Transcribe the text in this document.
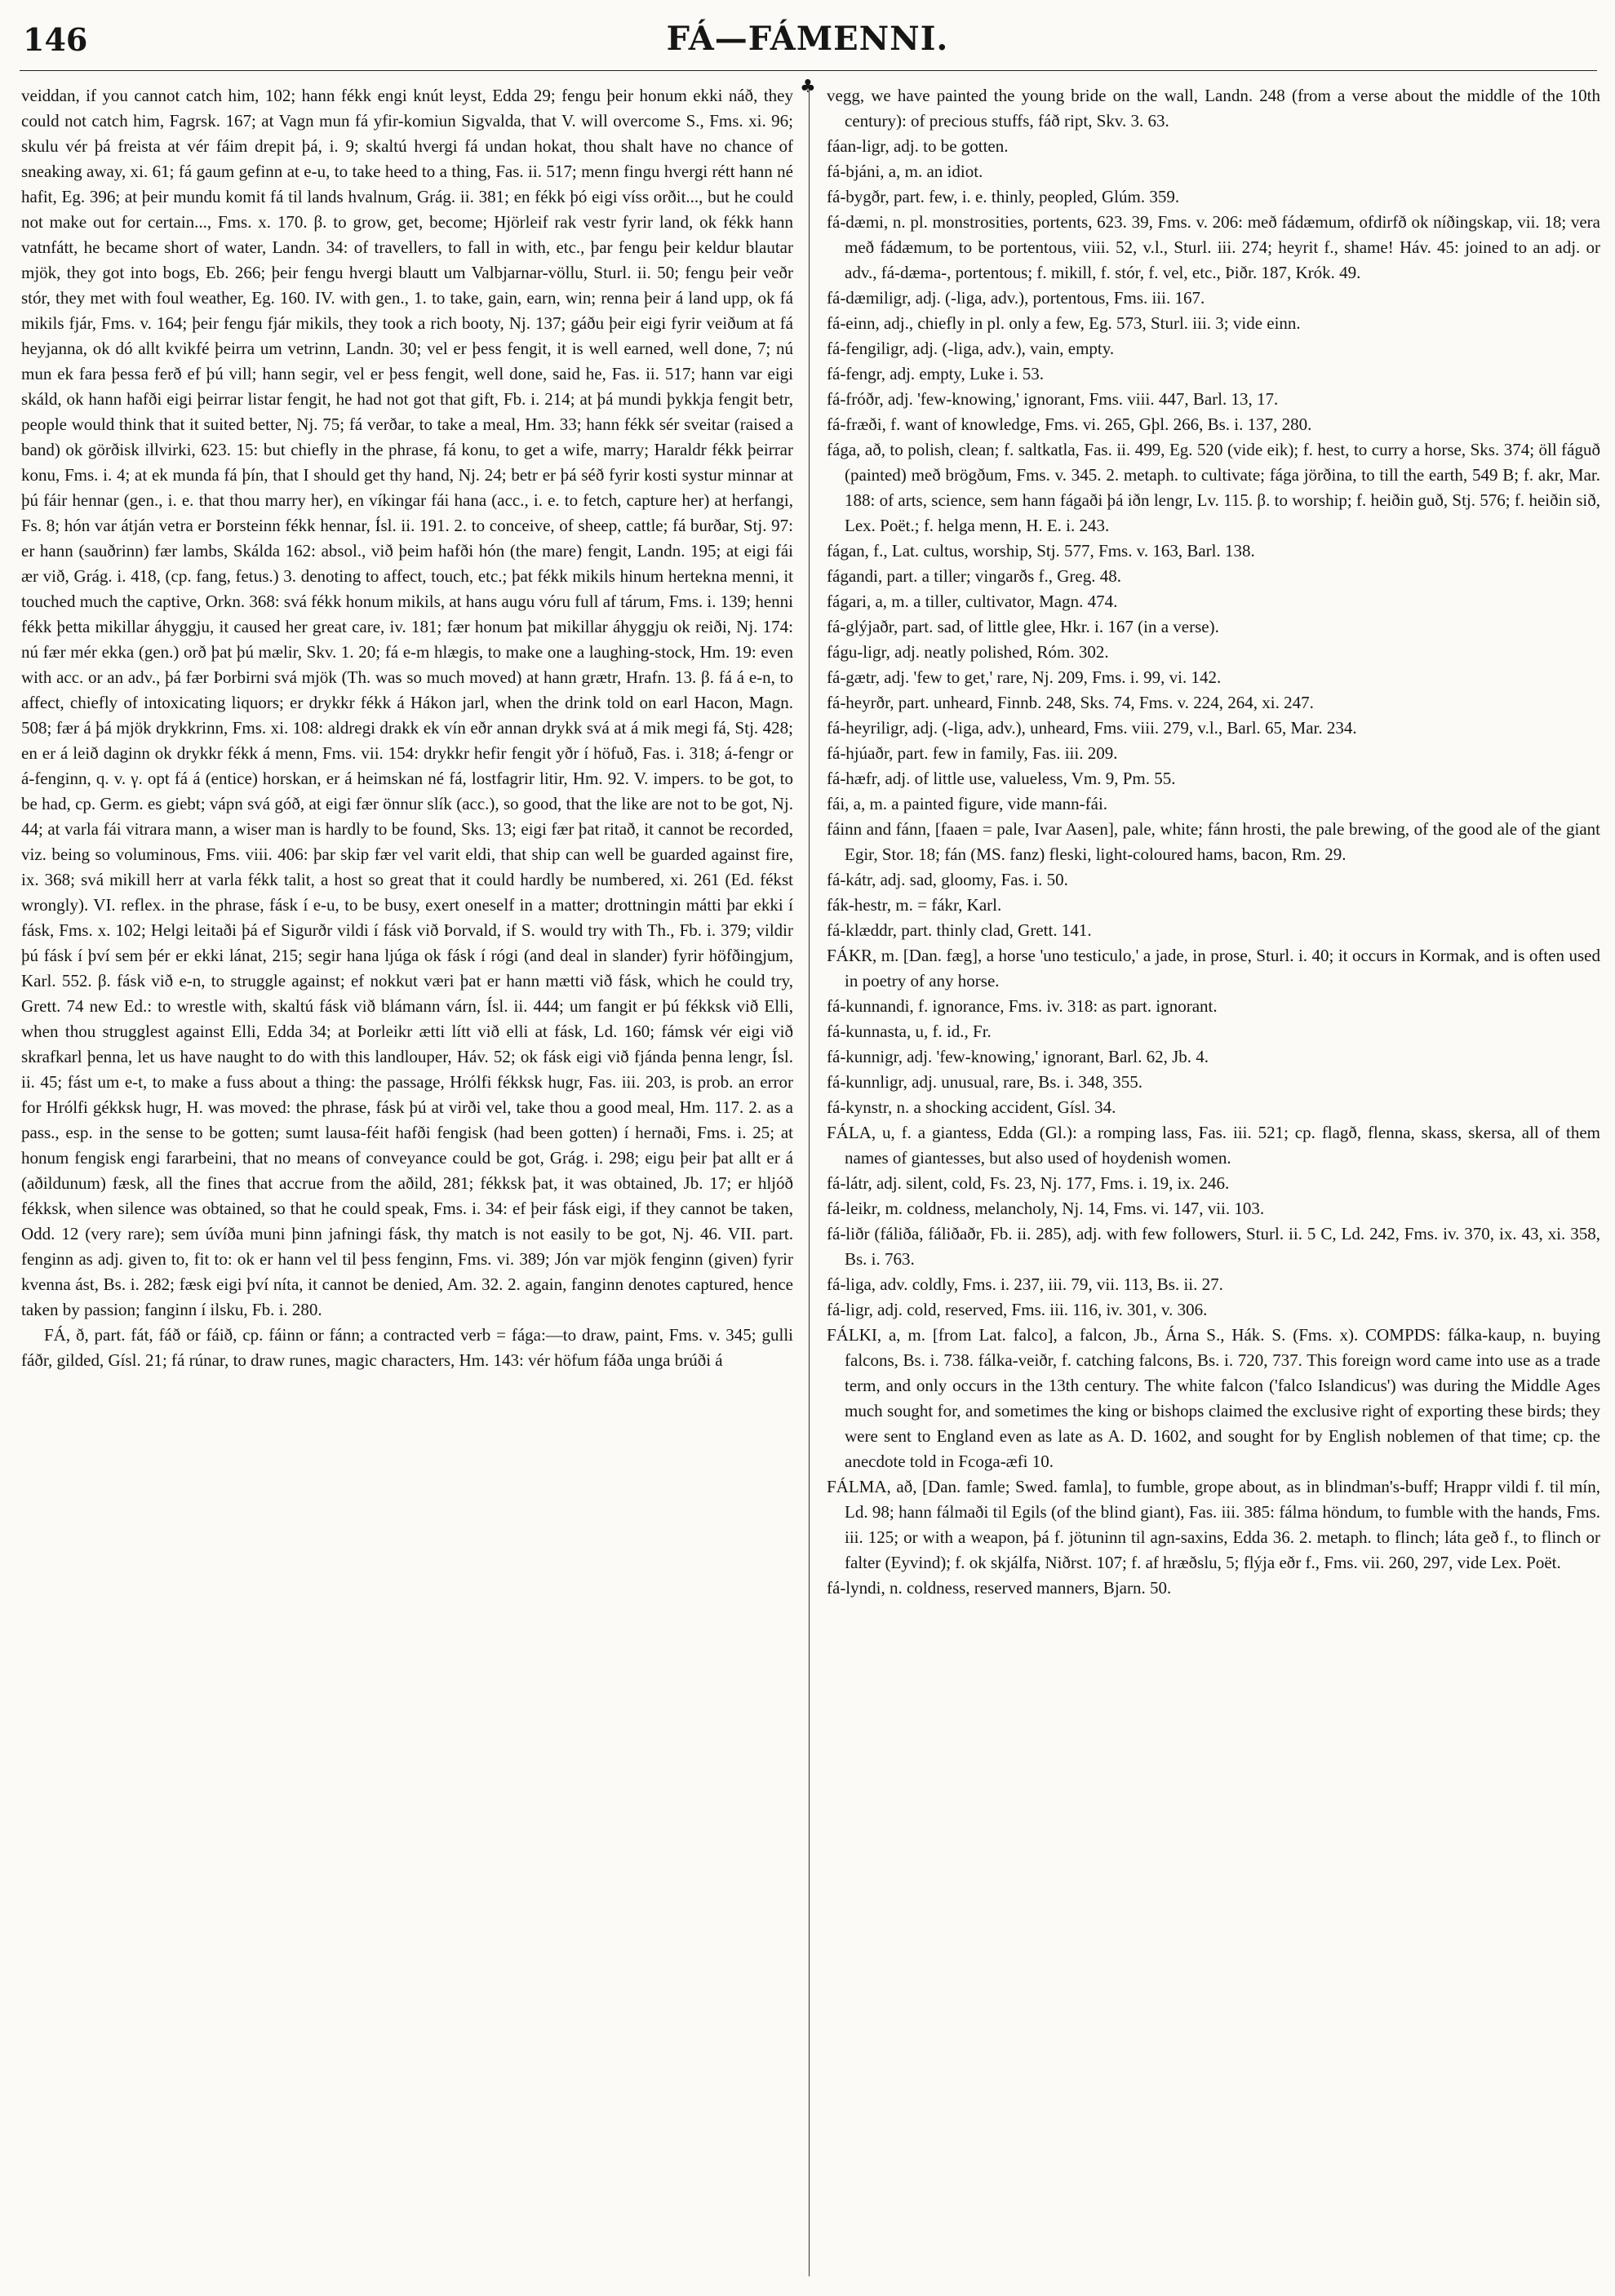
146	FÁ—FÁMENNI.
♣

veiddan, if you cannot catch him, 102; hann fékk engi knút leyst, Edda 29; fengu þeir honum ekki náð, they could not catch him, Fagrsk. 167; at Vagn mun fá yfir-komiun Sigvalda, that V. will overcome S., Fms. xi. 96; skulu vér þá freista at vér fáim drepit þá, i. 9; skaltú hvergi fá undan hokat, thou shalt have no chance of sneaking away, xi. 61; fá gaum gefinn at e-u, to take heed to a thing, Fas. ii. 517; menn fingu hvergi rétt hann né hafit, Eg. 396; at þeir mundu komit fá til lands hvalnum, Grág. ii. 381; en fékk þó eigi víss orðit..., but he could not make out for certain..., Fms. x. 170. β. to grow, get, become; Hjörleif rak vestr fyrir land, ok fékk hann vatnfátt, he became short of water, Landn. 34: of travellers, to fall in with, etc., þar fengu þeir keldur blautar mjök, they got into bogs, Eb. 266; þeir fengu hvergi blautt um Valbjarnar-völlu, Sturl. ii. 50; fengu þeir veðr stór, they met with foul weather, Eg. 160. IV. with gen., 1. to take, gain, earn, win; renna þeir á land upp, ok fá mikils fjár, Fms. v. 164; þeir fengu fjár mikils, they took a rich booty, Nj. 137; gáðu þeir eigi fyrir veiðum at fá heyjanna, ok dó allt kvikfé þeirra um vetrinn, Landn. 30; vel er þess fengit, it is well earned, well done, 7; nú mun ek fara þessa ferð ef þú vill; hann segir, vel er þess fengit, well done, said he, Fas. ii. 517; hann var eigi skáld, ok hann hafði eigi þeirrar listar fengit, he had not got that gift, Fb. i. 214; at þá mundi þykkja fengit betr, people would think that it suited better, Nj. 75; fá verðar, to take a meal, Hm. 33; hann fékk sér sveitar (raised a band) ok görðisk illvirki, 623. 15: but chiefly in the phrase, fá konu, to get a wife, marry; Haraldr fékk þeirrar konu, Fms. i. 4; at ek munda fá þín, that I should get thy hand, Nj. 24; betr er þá séð fyrir kosti systur minnar at þú fáir hennar (gen., i. e. that thou marry her), en víkingar fái hana (acc., i. e. to fetch, capture her) at herfangi, Fs. 8; hón var átján vetra er Þorsteinn fékk hennar, Ísl. ii. 191. 2. to conceive, of sheep, cattle; fá burðar, Stj. 97: er hann (sauðrinn) fær lambs, Skálda 162: absol., við þeim hafði hón (the mare) fengit, Landn. 195; at eigi fái ær við, Grág. i. 418, (cp. fang, fetus.) 3. denoting to affect, touch, etc.; þat fékk mikils hinum hertekna menni, it touched much the captive, Orkn. 368: svá fékk honum mikils, at hans augu vóru full af tárum, Fms. i. 139; henni fékk þetta mikillar áhyggju, it caused her great care, iv. 181; fær honum þat mikillar áhyggju ok reiði, Nj. 174: nú fær mér ekka (gen.) orð þat þú mælir, Skv. 1. 20; fá e-m hlægis, to make one a laughing-stock, Hm. 19: even with acc. or an adv., þá fær Þorbirni svá mjök (Th. was so much moved) at hann grætr, Hrafn. 13. β. fá á e-n, to affect, chiefly of intoxicating liquors; er drykkr fékk á Hákon jarl, when the drink told on earl Hacon, Magn. 508; fær á þá mjök drykkrinn, Fms. xi. 108: aldregi drakk ek vín eðr annan drykk svá at á mik megi fá, Stj. 428; en er á leið daginn ok drykkr fékk á menn, Fms. vii. 154: drykkr hefir fengit yðr í höfuð, Fas. i. 318; á-fengr or á-fenginn, q. v. γ. opt fá á (entice) horskan, er á heimskan né fá, lostfagrir litir, Hm. 92. V. impers. to be got, to be had, cp. Germ. es giebt; vápn svá góð, at eigi fær önnur slík (acc.), so good, that the like are not to be got, Nj. 44; at varla fái vitrara mann, a wiser man is hardly to be found, Sks. 13; eigi fær þat ritað, it cannot be recorded, viz. being so voluminous, Fms. viii. 406: þar skip fær vel varit eldi, that ship can well be guarded against fire, ix. 368; svá mikill herr at varla fékk talit, a host so great that it could hardly be numbered, xi. 261 (Ed. fékst wrongly). VI. reflex. in the phrase, fásk í e-u, to be busy, exert oneself in a matter; drottningin mátti þar ekki í fásk, Fms. x. 102; Helgi leitaði þá ef Sigurðr vildi í fásk við Þorvald, if S. would try with Th., Fb. i. 379; vildir þú fásk í því sem þér er ekki lánat, 215; segir hana ljúga ok fásk í rógi (and deal in slander) fyrir höfðingjum, Karl. 552. β. fásk við e-n, to struggle against; ef nokkut væri þat er hann mætti við fásk, which he could try, Grett. 74 new Ed.: to wrestle with, skaltú fásk við blámann várn, Ísl. ii. 444; um fangit er þú fékksk við Elli, when thou strugglest against Elli, Edda 34; at Þorleikr ætti lítt við elli at fásk, Ld. 160; fámsk vér eigi við skrafkarl þenna, let us have naught to do with this landlouper, Háv. 52; ok fásk eigi við fjánda þenna lengr, Ísl. ii. 45; fást um e-t, to make a fuss about a thing: the passage, Hrólfi fékksk hugr, Fas. iii. 203, is prob. an error for Hrólfi gékksk hugr, H. was moved: the phrase, fásk þú at virði vel, take thou a good meal, Hm. 117. 2. as a pass., esp. in the sense to be gotten; sumt lausa-féit hafði fengisk (had been gotten) í hernaði, Fms. i. 25; at honum fengisk engi fararbeini, that no means of conveyance could be got, Grág. i. 298; eigu þeir þat allt er á (aðildunum) fæsk, all the fines that accrue from the aðild, 281; fékksk þat, it was obtained, Jb. 17; er hljóð fékksk, when silence was obtained, so that he could speak, Fms. i. 34: ef þeir fásk eigi, if they cannot be taken, Odd. 12 (very rare); sem úvíða muni þinn jafningi fásk, thy match is not easily to be got, Nj. 46. VII. part. fenginn as adj. given to, fit to: ok er hann vel til þess fenginn, Fms. vi. 389; Jón var mjök fenginn (given) fyrir kvenna ást, Bs. i. 282; fæsk eigi því níta, it cannot be denied, Am. 32. 2. again, fanginn denotes captured, hence taken by passion; fanginn í ilsku, Fb. i. 280.

FÁ, ð, part. fát, fáð or fáið, cp. fáinn or fánn; a contracted verb = fága:—to draw, paint, Fms. v. 345; gulli fáðr, gilded, Gísl. 21; fá rúnar, to draw runes, magic characters, Hm. 143: vér höfum fáða unga brúði á

vegg, we have painted the young bride on the wall, Landn. 248 (from a verse about the middle of the 10th century): of precious stuffs, fáð ript, Skv. 3. 63.

fáan-ligr, adj. to be gotten.

fá-bjáni, a, m. an idiot.

fá-bygðr, part. few, i. e. thinly, peopled, Glúm. 359.

fá-dæmi, n. pl. monstrosities, portents, 623. 39, Fms. v. 206: með fádæmum, ofdirfð ok níðingskap, vii. 18; vera með fádæmum, to be portentous, viii. 52, v.l., Sturl. iii. 274; heyrit f., shame! Háv. 45: joined to an adj. or adv., fá-dæma-, portentous; f. mikill, f. stór, f. vel, etc., Þiðr. 187, Krók. 49.

fá-dæmiligr, adj. (-liga, adv.), portentous, Fms. iii. 167.

fá-einn, adj., chiefly in pl. only a few, Eg. 573, Sturl. iii. 3; vide einn.

fá-fengiligr, adj. (-liga, adv.), vain, empty.

fá-fengr, adj. empty, Luke i. 53.

fá-fróðr, adj. 'few-knowing,' ignorant, Fms. viii. 447, Barl. 13, 17.

fá-fræði, f. want of knowledge, Fms. vi. 265, Gþl. 266, Bs. i. 137, 280.

fága, að, to polish, clean; f. saltkatla, Fas. ii. 499, Eg. 520 (vide eik); f. hest, to curry a horse, Sks. 374; öll fáguð (painted) með brögðum, Fms. v. 345. 2. metaph. to cultivate; fága jörðina, to till the earth, 549 B; f. akr, Mar. 188: of arts, science, sem hann fágaði þá iðn lengr, Lv. 115. β. to worship; f. heiðin guð, Stj. 576; f. heiðin sið, Lex. Poët.; f. helga menn, H. E. i. 243.

fágan, f., Lat. cultus, worship, Stj. 577, Fms. v. 163, Barl. 138.

fágandi, part. a tiller; vingarðs f., Greg. 48.

fágari, a, m. a tiller, cultivator, Magn. 474.

fá-glýjaðr, part. sad, of little glee, Hkr. i. 167 (in a verse).

fágu-ligr, adj. neatly polished, Róm. 302.

fá-gætr, adj. 'few to get,' rare, Nj. 209, Fms. i. 99, vi. 142.

fá-heyrðr, part. unheard, Finnb. 248, Sks. 74, Fms. v. 224, 264, xi. 247.

fá-heyriligr, adj. (-liga, adv.), unheard, Fms. viii. 279, v.l., Barl. 65, Mar. 234.

fá-hjúaðr, part. few in family, Fas. iii. 209.

fá-hæfr, adj. of little use, valueless, Vm. 9, Pm. 55.

fái, a, m. a painted figure, vide mann-fái.

fáinn and fánn, [faaen = pale, Ivar Aasen], pale, white; fánn hrosti, the pale brewing, of the good ale of the giant Egir, Stor. 18; fán (MS. fanz) fleski, light-coloured hams, bacon, Rm. 29.

fá-kátr, adj. sad, gloomy, Fas. i. 50.

fák-hestr, m. = fákr, Karl.

fá-klæddr, part. thinly clad, Grett. 141.

FÁKR, m. [Dan. fæg], a horse 'uno testiculo,' a jade, in prose, Sturl. i. 40; it occurs in Kormak, and is often used in poetry of any horse.

fá-kunnandi, f. ignorance, Fms. iv. 318: as part. ignorant.

fá-kunnasta, u, f. id., Fr.

fá-kunnigr, adj. 'few-knowing,' ignorant, Barl. 62, Jb. 4.

fá-kunnligr, adj. unusual, rare, Bs. i. 348, 355.

fá-kynstr, n. a shocking accident, Gísl. 34.

FÁLA, u, f. a giantess, Edda (Gl.): a romping lass, Fas. iii. 521; cp. flagð, flenna, skass, skersa, all of them names of giantesses, but also used of hoydenish women.

fá-látr, adj. silent, cold, Fs. 23, Nj. 177, Fms. i. 19, ix. 246.

fá-leikr, m. coldness, melancholy, Nj. 14, Fms. vi. 147, vii. 103.

fá-liðr (fáliða, fáliðaðr, Fb. ii. 285), adj. with few followers, Sturl. ii. 5 C, Ld. 242, Fms. iv. 370, ix. 43, xi. 358, Bs. i. 763.

fá-liga, adv. coldly, Fms. i. 237, iii. 79, vii. 113, Bs. ii. 27.

fá-ligr, adj. cold, reserved, Fms. iii. 116, iv. 301, v. 306.

FÁLKI, a, m. [from Lat. falco], a falcon, Jb., Árna S., Hák. S. (Fms. x). COMPDS: fálka-kaup, n. buying falcons, Bs. i. 738. fálka-veiðr, f. catching falcons, Bs. i. 720, 737. This foreign word came into use as a trade term, and only occurs in the 13th century. The white falcon ('falco Islandicus') was during the Middle Ages much sought for, and sometimes the king or bishops claimed the exclusive right of exporting these birds; they were sent to England even as late as A. D. 1602, and sought for by English noblemen of that time; cp. the anecdote told in Fcoga-æfi 10.

FÁLMA, að, [Dan. famle; Swed. famla], to fumble, grope about, as in blindman's-buff; Hrappr vildi f. til mín, Ld. 98; hann fálmaði til Egils (of the blind giant), Fas. iii. 385: fálma höndum, to fumble with the hands, Fms. iii. 125; or with a weapon, þá f. jötuninn til agn-saxins, Edda 36. 2. metaph. to flinch; láta geð f., to flinch or falter (Eyvind); f. ok skjálfa, Niðrst. 107; f. af hræðslu, 5; flýja eðr f., Fms. vii. 260, 297, vide Lex. Poët.

fá-lyndi, n. coldness, reserved manners, Bjarn. 50.
